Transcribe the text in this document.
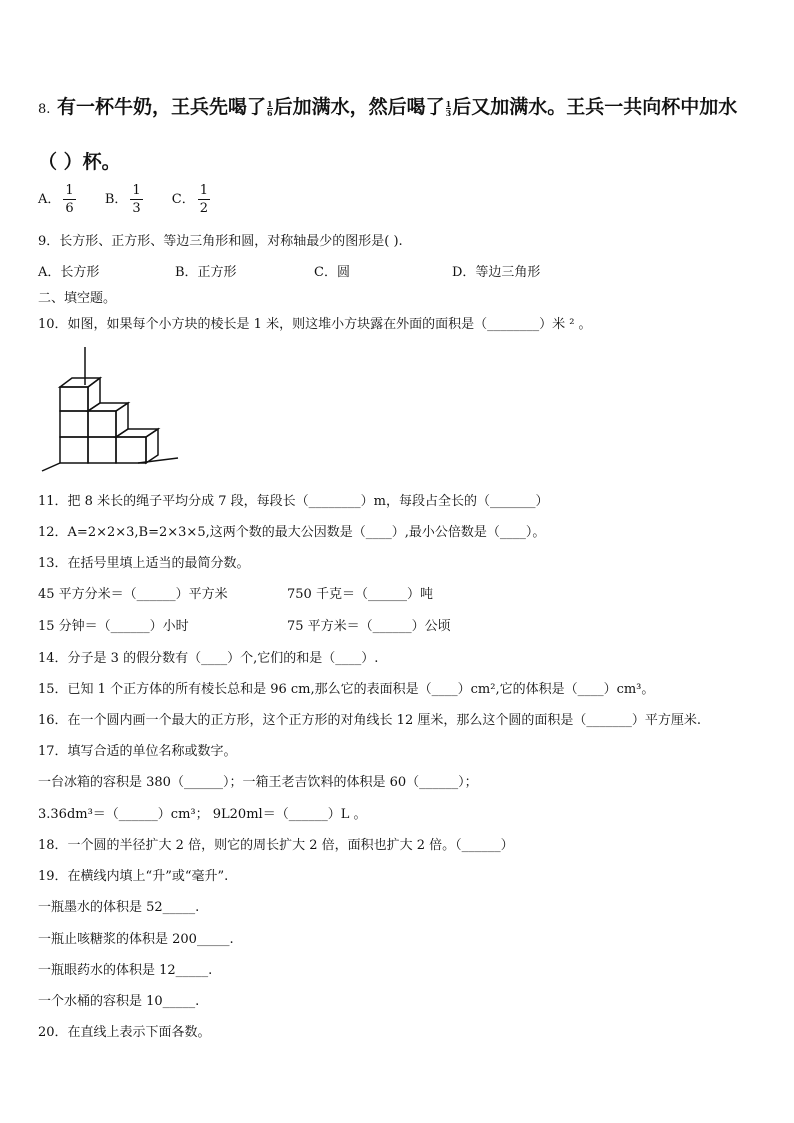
8. 有一杯牛奶，王兵先喝了 $\frac{1}{6}$ 后加满水，然后喝了 $\frac{1}{3}$ 后又加满水。王兵一共向杯中加水
（ ）杯。
A． $\frac{1}{6}$ B． $\frac{1}{3}$ C． $\frac{1}{2}$
9．长方形、正方形、等边三角形和圆，对称轴最少的图形是( ).
A．长方形	B．正方形	C．圆	D．等边三角形
二、填空题。
10．如图，如果每个小方块的棱长是 1 米，则这堆小方块露在外面的面积是（________）米 ² 。
11．把 8 米长的绳子平均分成 7 段，每段长（________）m，每段占全长的（_______）
12．A=2×2×3,B=2×3×5,这两个数的最大公因数是（____）,最小公倍数是（____）。
13．在括号里填上适当的最简分数。
45 平方分米＝（______）平方米	750 千克＝（______）吨
15 分钟＝（______）小时	75 平方米＝（______）公顷
14．分子是 3 的假分数有（____）个,它们的和是（____）.
15．已知 1 个正方体的所有棱长总和是 96 cm,那么它的表面积是（____）cm²,它的体积是（____）cm³。
16．在一个圆内画一个最大的正方形，这个正方形的对角线长 12 厘米，那么这个圆的面积是（_______）平方厘米.
17．填写合适的单位名称或数字。
一台冰箱的容积是 380（______）；一箱王老吉饮料的体积是 60（______）；
3.36dm³＝（______）cm³； 9L20ml＝（______）L 。
18．一个圆的半径扩大 2 倍，则它的周长扩大 2 倍，面积也扩大 2 倍。（______）
19．在横线内填上“升”或“毫升”.
一瓶墨水的体积是 52_____.
一瓶止咳糖浆的体积是 200_____.
一瓶眼药水的体积是 12_____.
一个水桶的容积是 10_____.
20．在直线上表示下面各数。
